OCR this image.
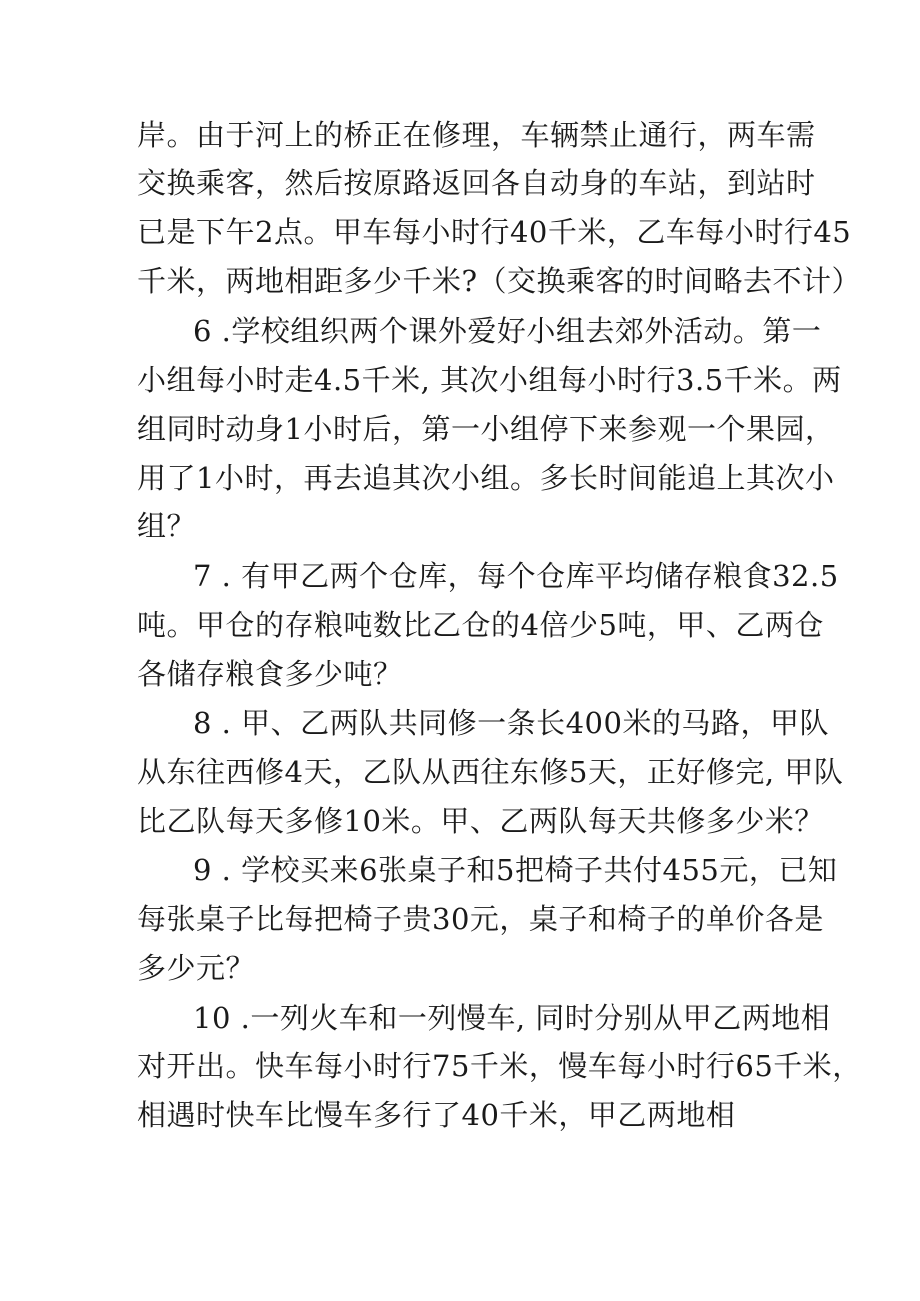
岸。由于河上的桥正在修理，车辆禁止通行，两车需
交换乘客，然后按原路返回各自动身的车站，到站时
已是下午2点。甲车每小时行40千米，乙车每小时行45
千米，两地相距多少千米?（交换乘客的时间略去不计）
6 .学校组织两个课外爱好小组去郊外活动。第一
小组每小时走4.5千米, 其次小组每小时行3.5千米。两
组同时动身1小时后，第一小组停下来参观一个果园，
用了1小时，再去追其次小组。多长时间能追上其次小
组？
7 . 有甲乙两个仓库，每个仓库平均储存粮食32.5
吨。甲仓的存粮吨数比乙仓的4倍少5吨，甲、乙两仓
各储存粮食多少吨？
8 . 甲、乙两队共同修一条长400米的马路，甲队
从东往西修4天，乙队从西往东修5天，正好修完, 甲队
比乙队每天多修10米。甲、乙两队每天共修多少米？
9 . 学校买来6张桌子和5把椅子共付455元，已知
每张桌子比每把椅子贵30元，桌子和椅子的单价各是
多少元？
10 .一列火车和一列慢车, 同时分别从甲乙两地相
对开出。快车每小时行75千米，慢车每小时行65千米，
相遇时快车比慢车多行了40千米，甲乙两地相
